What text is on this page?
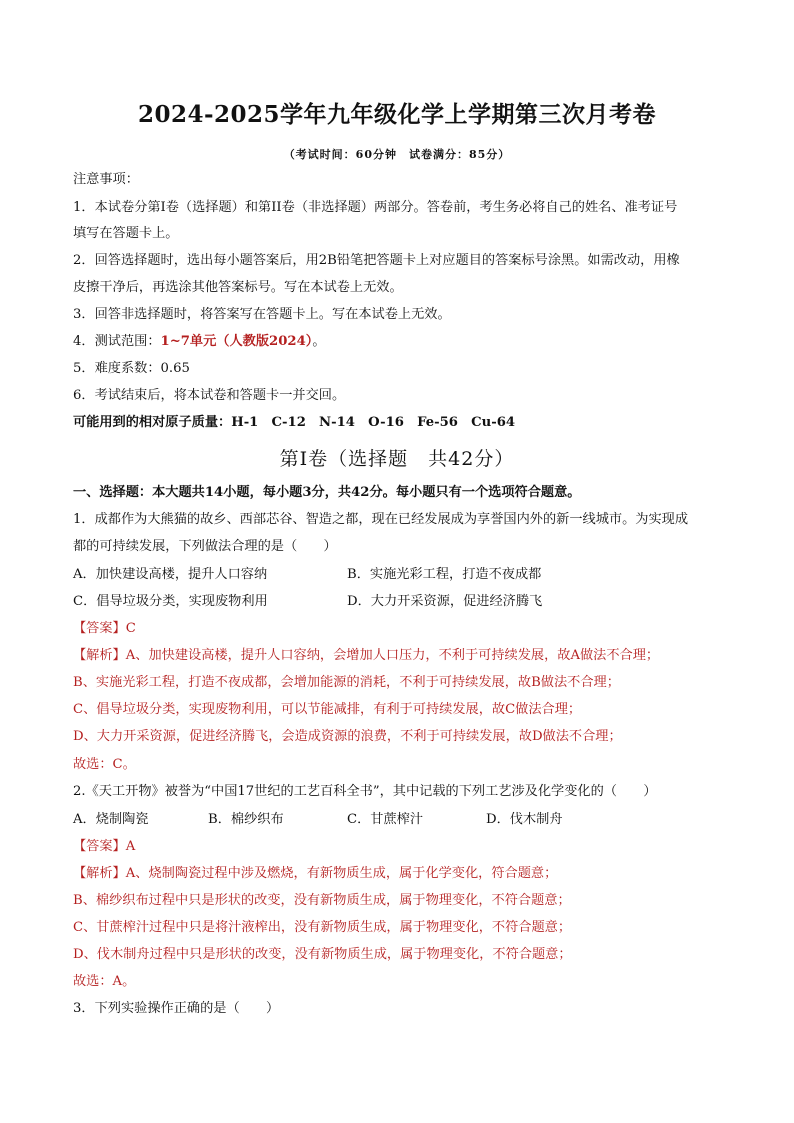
2024-2025学年九年级化学上学期第三次月考卷
（考试时间：60分钟　试卷满分：85分）
注意事项：
1．本试卷分第I卷（选择题）和第II卷（非选择题）两部分。答卷前，考生务必将自己的姓名、准考证号
填写在答题卡上。
2．回答选择题时，选出每小题答案后，用2B铅笔把答题卡上对应题目的答案标号涂黑。如需改动，用橡
皮擦干净后，再选涂其他答案标号。写在本试卷上无效。
3．回答非选择题时，将答案写在答题卡上。写在本试卷上无效。
4．测试范围：1~7单元（人教版2024）。
5．难度系数：0.65
6．考试结束后，将本试卷和答题卡一并交回。
可能用到的相对原子质量：H-1　C-12　N-14　O-16　Fe-56　Cu-64
第I卷（选择题　共42分）
一、选择题：本大题共14小题，每小题3分，共42分。每小题只有一个选项符合题意。
1．成都作为大熊猫的故乡、西部芯谷、智造之都，现在已经发展成为享誉国内外的新一线城市。为实现成
都的可持续发展，下列做法合理的是（　　）
A．加快建设高楼，提升人口容纳	B．实施光彩工程，打造不夜成都
C．倡导垃圾分类，实现废物利用	D．大力开采资源，促进经济腾飞
【答案】C
【解析】A、加快建设高楼，提升人口容纳，会增加人口压力，不利于可持续发展，故A做法不合理；
B、实施光彩工程，打造不夜成都，会增加能源的消耗，不利于可持续发展，故B做法不合理；
C、倡导垃圾分类，实现废物利用，可以节能减排，有利于可持续发展，故C做法合理；
D、大力开采资源，促进经济腾飞，会造成资源的浪费，不利于可持续发展，故D做法不合理；
故选：C。
2.《天工开物》被誉为“中国17世纪的工艺百科全书”，其中记载的下列工艺涉及化学变化的（　　）
A．烧制陶瓷	B．棉纱织布	C．甘蔗榨汁	D．伐木制舟
【答案】A
【解析】A、烧制陶瓷过程中涉及燃烧，有新物质生成，属于化学变化，符合题意；
B、棉纱织布过程中只是形状的改变，没有新物质生成，属于物理变化，不符合题意；
C、甘蔗榨汁过程中只是将汁液榨出，没有新物质生成，属于物理变化，不符合题意；
D、伐木制舟过程中只是形状的改变，没有新物质生成，属于物理变化，不符合题意；
故选：A。
3．下列实验操作正确的是（　　）
